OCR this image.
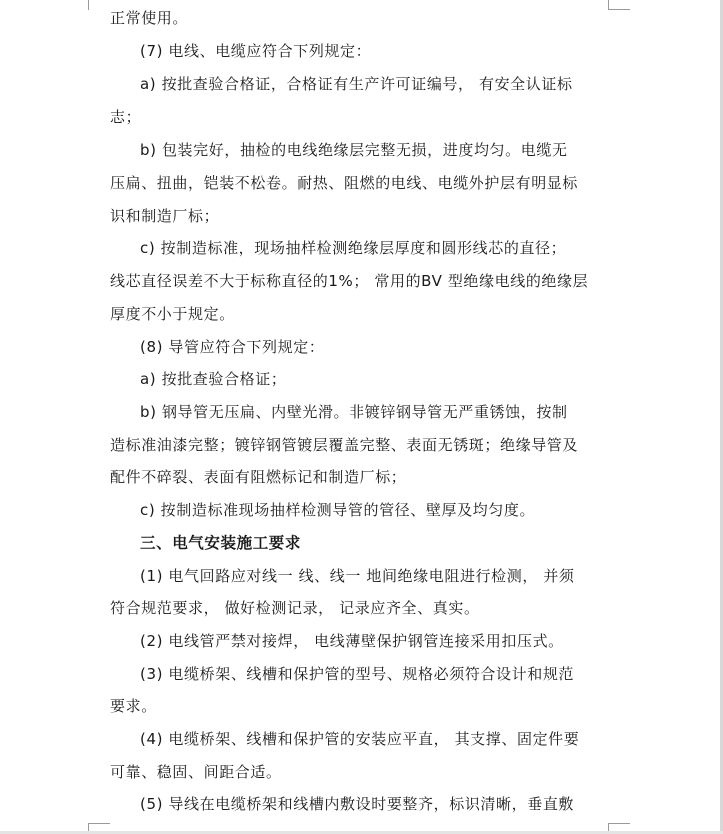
正常使用。
(7) 电线、电缆应符合下列规定：
a) 按批查验合格证，合格证有生产许可证编号， 有安全认证标
志；
b) 包装完好，抽检的电线绝缘层完整无损，进度均匀。电缆无
压扁、扭曲，铠装不松卷。耐热、阻燃的电线、电缆外护层有明显标
识和制造厂标；
c) 按制造标准，现场抽样检测绝缘层厚度和圆形线芯的直径；
线芯直径误差不大于标称直径的1%； 常用的BV 型绝缘电线的绝缘层
厚度不小于规定。
(8) 导管应符合下列规定：
a) 按批查验合格证；
b) 钢导管无压扁、内壁光滑。非镀锌钢导管无严重锈蚀，按制
造标准油漆完整；镀锌钢管镀层覆盖完整、表面无锈斑；绝缘导管及
配件不碎裂、表面有阻燃标记和制造厂标；
c) 按制造标准现场抽样检测导管的管径、壁厚及均匀度。
三、电气安装施工要求
(1) 电气回路应对线一 线、线一 地间绝缘电阻进行检测， 并须
符合规范要求， 做好检测记录， 记录应齐全、真实。
(2) 电线管严禁对接焊， 电线薄壁保护钢管连接采用扣压式。
(3) 电缆桥架、线槽和保护管的型号、规格必须符合设计和规范
要求。
(4) 电缆桥架、线槽和保护管的安装应平直， 其支撑、固定件要
可靠、稳固、间距合适。
(5) 导线在电缆桥架和线槽内敷设时要整齐，标识清晰，垂直敷
